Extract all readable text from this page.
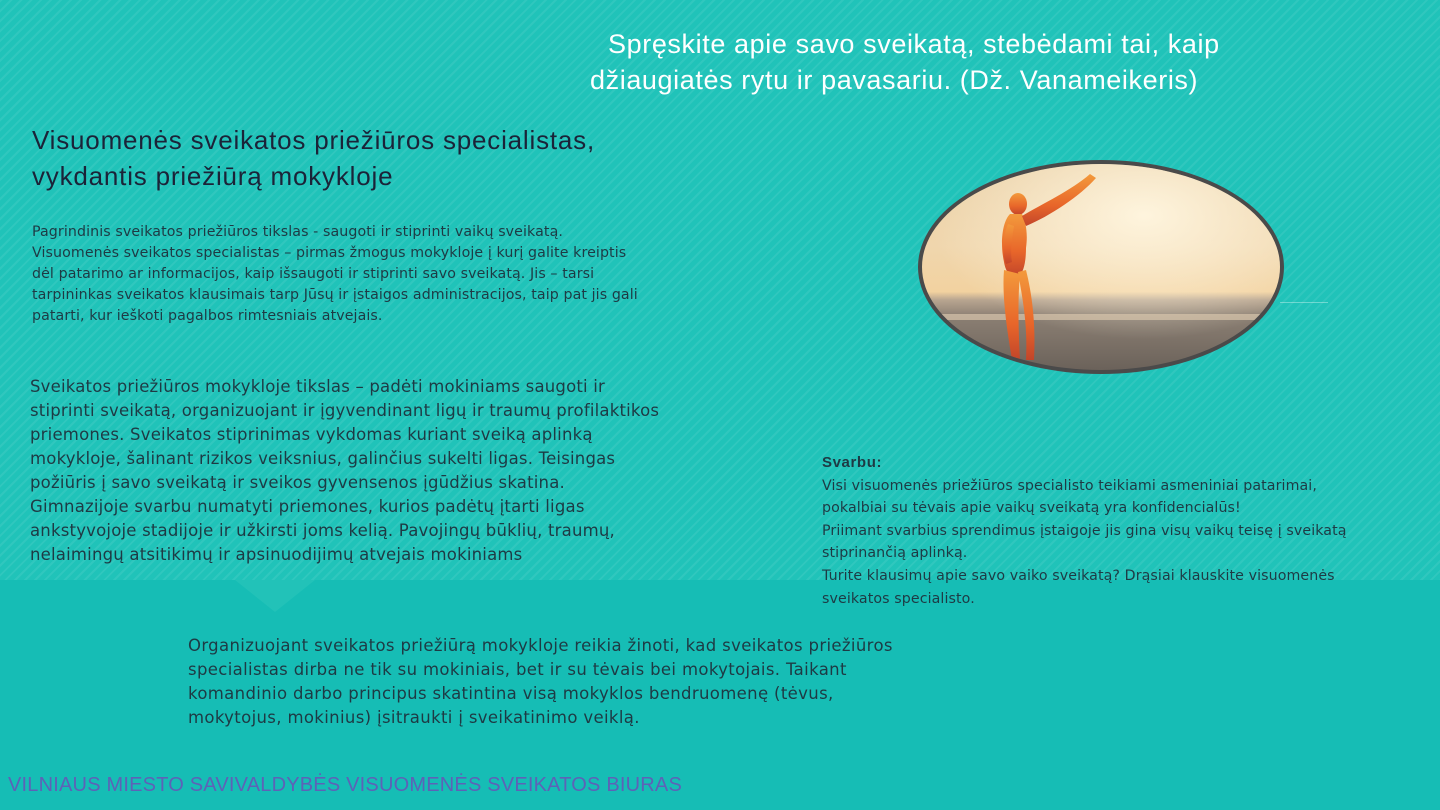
Spręskite apie savo sveikatą, stebėdami tai, kaip
džiaugiatės rytu ir pavasariu. (Dž. Vanameikeris)

Visuomenės sveikatos priežiūros specialistas,
vykdantis priežiūrą mokykloje
Pagrindinis sveikatos priežiūros tikslas - saugoti ir stiprinti vaikų sveikatą.
Visuomenės sveikatos specialistas – pirmas žmogus mokykloje į kurį galite kreiptis
dėl patarimo ar informacijos, kaip išsaugoti ir stiprinti savo sveikatą. Jis – tarsi
tarpininkas sveikatos klausimais tarp Jūsų ir įstaigos administracijos, taip pat jis gali
patarti, kur ieškoti pagalbos rimtesniais atvejais.
Sveikatos priežiūros mokykloje tikslas – padėti mokiniams saugoti ir
stiprinti sveikatą, organizuojant ir įgyvendinant ligų ir traumų profilaktikos
priemones. Sveikatos stiprinimas vykdomas kuriant sveiką aplinką
mokykloje, šalinant rizikos veiksnius, galinčius sukelti ligas. Teisingas
požiūris į savo sveikatą ir sveikos gyvensenos įgūdžius skatina.
Gimnazijoje svarbu numatyti priemones, kurios padėtų įtarti ligas
ankstyvojoje stadijoje ir užkirsti joms kelią. Pavojingų būklių, traumų,
nelaimingų atsitikimų ir apsinuodijimų atvejais mokiniams
Svarbu:
Visi visuomenės priežiūros specialisto teikiami asmeniniai patarimai,
pokalbiai su tėvais apie vaikų sveikatą yra konfidencialūs!
Priimant svarbius sprendimus įstaigoje jis gina visų vaikų teisę į sveikatą
stiprinančią aplinką.
Turite klausimų apie savo vaiko sveikatą? Drąsiai klauskite visuomenės
sveikatos specialisto.
Organizuojant sveikatos priežiūrą mokykloje reikia žinoti, kad sveikatos priežiūros
specialistas dirba ne tik su mokiniais, bet ir su tėvais bei mokytojais. Taikant
komandinio darbo principus skatintina visą mokyklos bendruomenę (tėvus,
mokytojus, mokinius) įsitraukti į sveikatinimo veiklą.

VILNIAUS MIESTO SAVIVALDYBĖS VISUOMENĖS SVEIKATOS BIURAS
